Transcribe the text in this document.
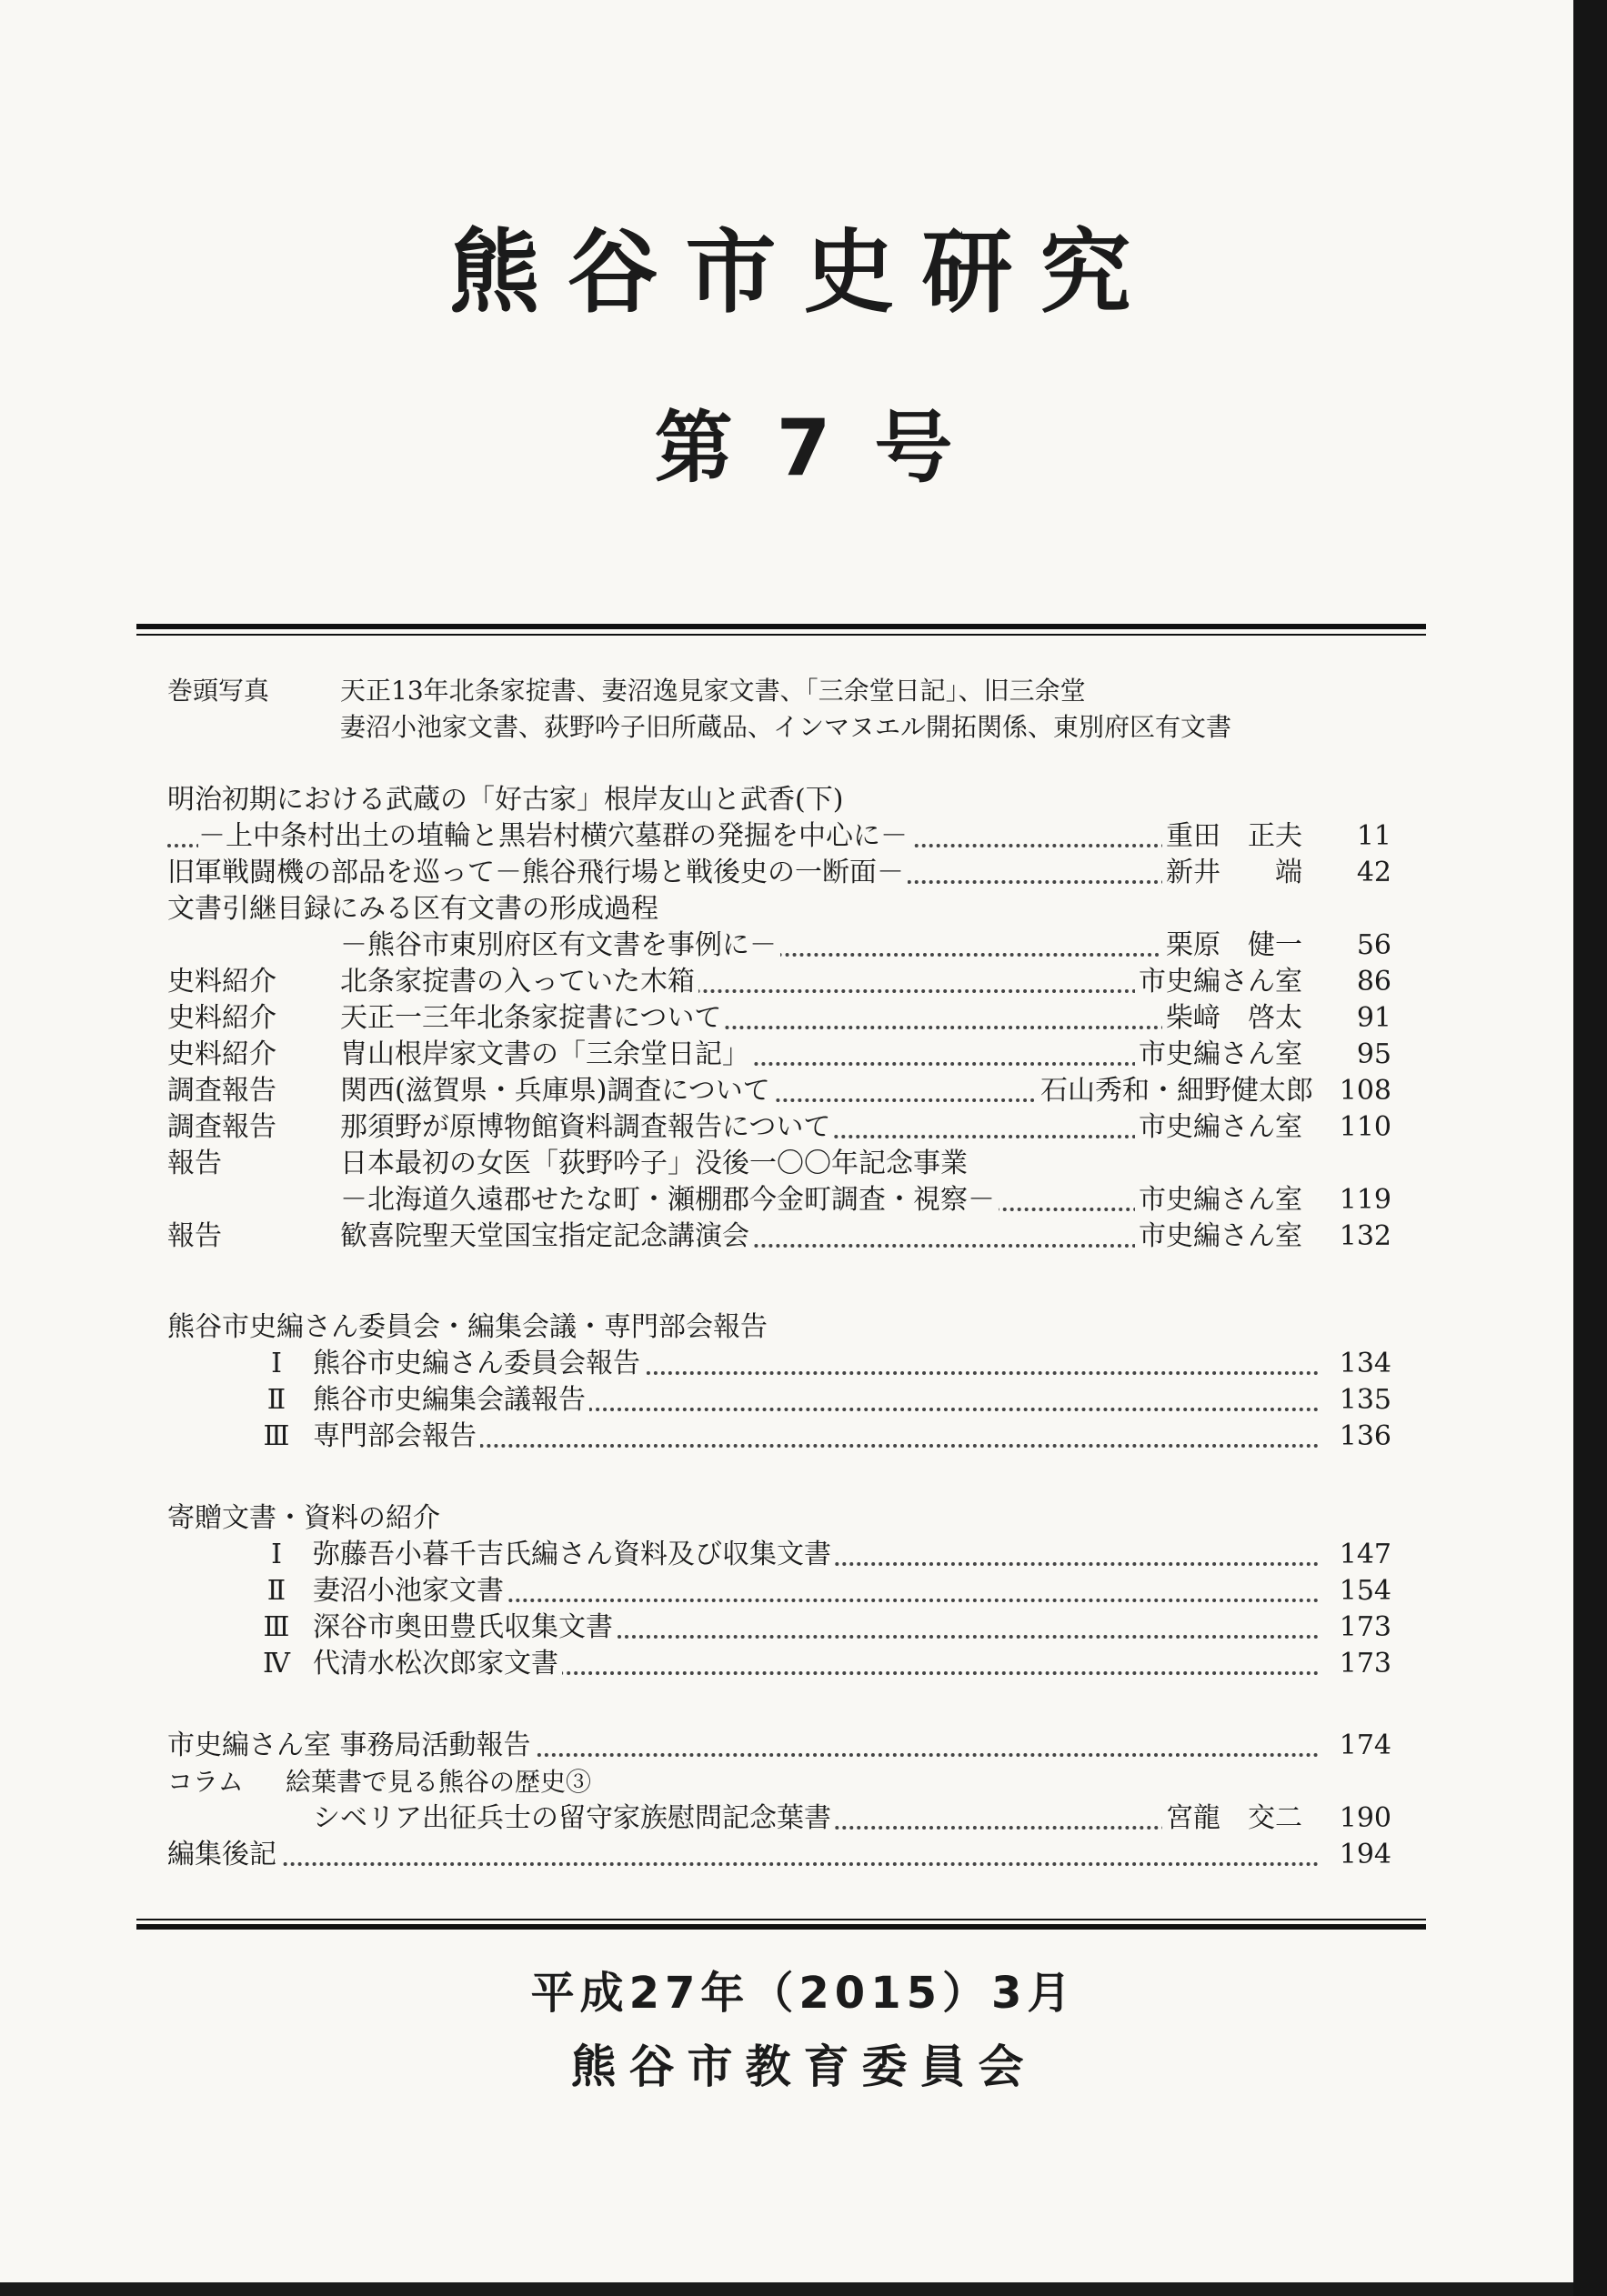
熊谷市史研究
第 7 号
巻頭写真	天正13年北条家掟書、妻沼逸見家文書、「三余堂日記」、旧三余堂
妻沼小池家文書、荻野吟子旧所蔵品、インマヌエル開拓関係、東別府区有文書
明治初期における武蔵の「好古家」根岸友山と武香(下)
－上中条村出土の埴輪と黒岩村横穴墓群の発掘を中心に－	重田　正夫 11
旧軍戦闘機の部品を巡って－熊谷飛行場と戦後史の一断面－	新井　　端 42
文書引継目録にみる区有文書の形成過程
－熊谷市東別府区有文書を事例に－	栗原　健一 56
史料紹介 北条家掟書の入っていた木箱	市史編さん室 86
史料紹介 天正一三年北条家掟書について	柴﨑　啓太 91
史料紹介 冑山根岸家文書の「三余堂日記」	市史編さん室 95
調査報告 関西(滋賀県・兵庫県)調査について	石山秀和・細野健太郎 108
調査報告 那須野が原博物館資料調査報告について	市史編さん室 110
報告	日本最初の女医「荻野吟子」没後一〇〇年記念事業
－北海道久遠郡せたな町・瀬棚郡今金町調査・視察－	市史編さん室 119
報告	歓喜院聖天堂国宝指定記念講演会	市史編さん室 132
熊谷市史編さん委員会・編集会議・専門部会報告
Ⅰ	熊谷市史編さん委員会報告	134
Ⅱ 熊谷市史編集会議報告	135
Ⅲ 専門部会報告	136
寄贈文書・資料の紹介
Ⅰ	弥藤吾小暮千吉氏編さん資料及び収集文書	147
Ⅱ 妻沼小池家文書	154
Ⅲ 深谷市奥田豊氏収集文書	173
Ⅳ 代清水松次郎家文書	173
市史編さん室 事務局活動報告	174
コラム 絵葉書で見る熊谷の歴史③
シベリア出征兵士の留守家族慰問記念葉書	宮龍　交二 190
編集後記	194
平成27年（2015）3月
熊谷市教育委員会
